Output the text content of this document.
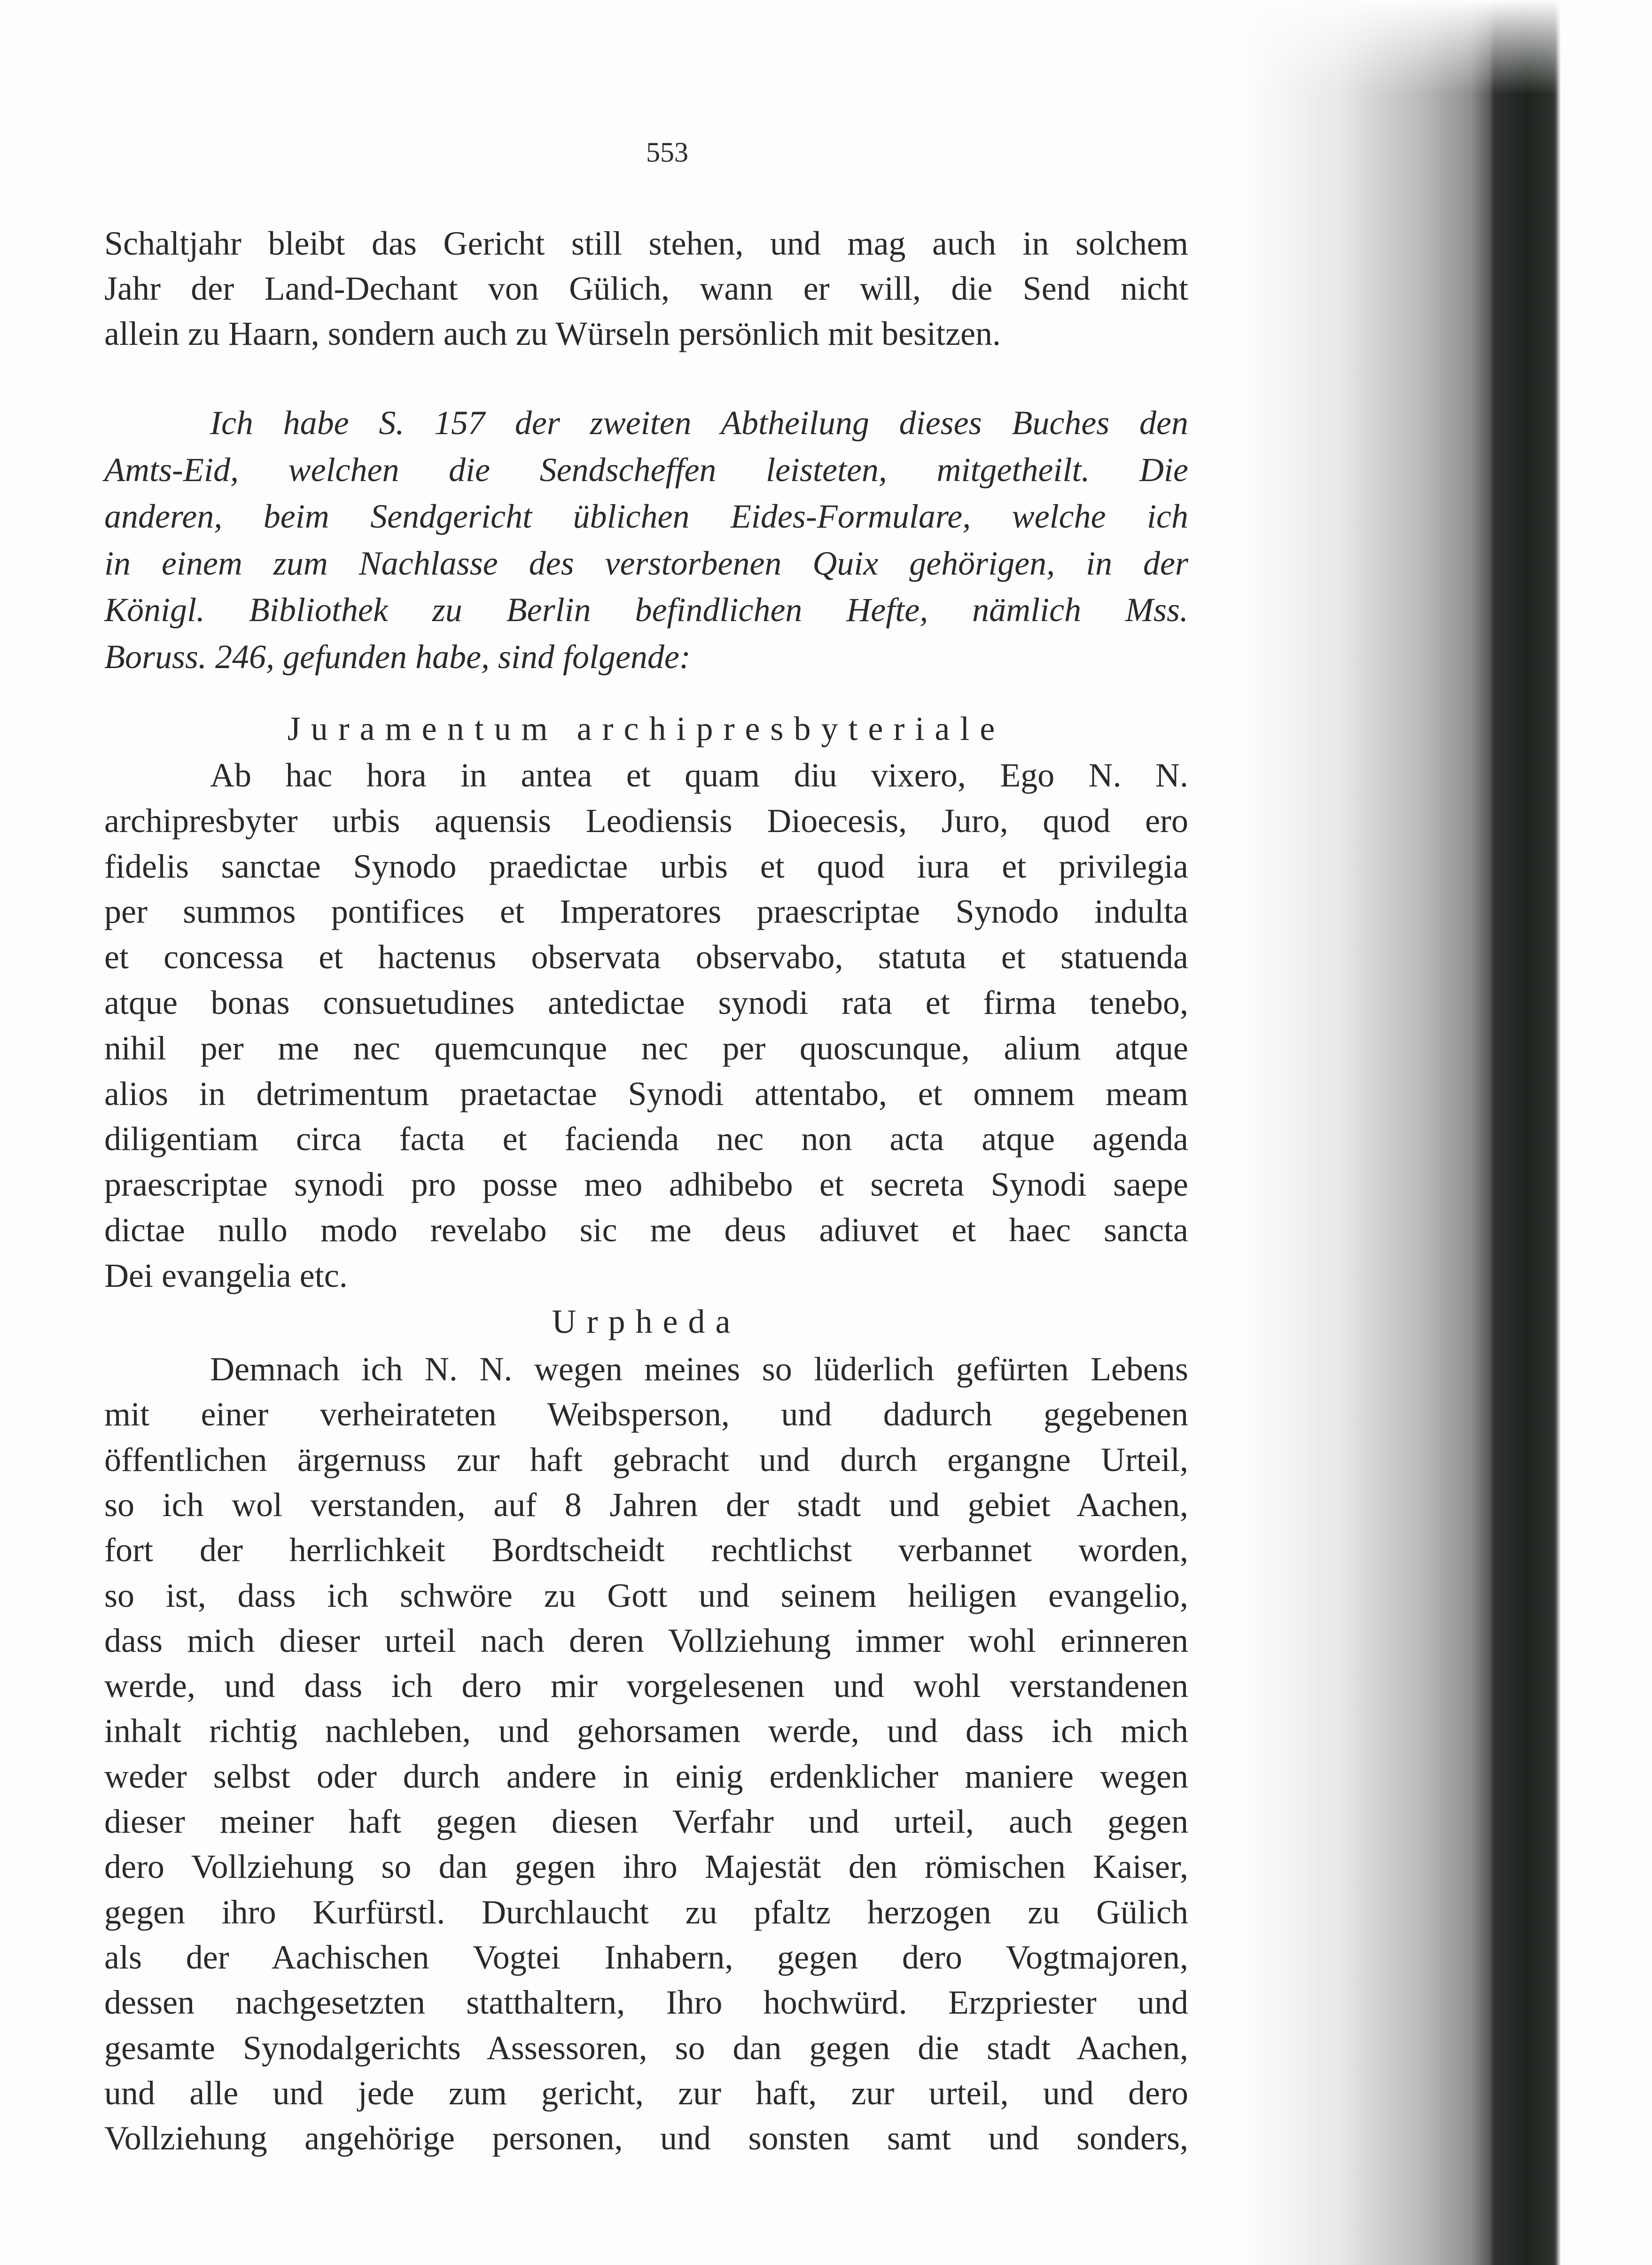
553
Schaltjahr bleibt das Gericht still stehen, und mag auch in solchem
Jahr der Land-Dechant von Gülich, wann er will, die Send nicht
allein zu Haarn, sondern auch zu Würseln persönlich mit besitzen.
Ich habe S. 157 der zweiten Abtheilung dieses Buches den
Amts-Eid, welchen die Sendscheffen leisteten, mitgetheilt. Die
anderen, beim Sendgericht üblichen Eides-Formulare, welche ich
in einem zum Nachlasse des verstorbenen Quix gehörigen, in der
Königl. Bibliothek zu Berlin befindlichen Hefte, nämlich Mss.
Boruss. 246, gefunden habe, sind folgende:
Juramentum archipresbyteriale
Ab hac hora in antea et quam diu vixero, Ego N. N.
archipresbyter urbis aquensis Leodiensis Dioecesis, Juro, quod ero
fidelis sanctae Synodo praedictae urbis et quod iura et privilegia
per summos pontifices et Imperatores praescriptae Synodo indulta
et concessa et hactenus observata observabo, statuta et statuenda
atque bonas consuetudines antedictae synodi rata et firma tenebo,
nihil per me nec quemcunque nec per quoscunque, alium atque
alios in detrimentum praetactae Synodi attentabo, et omnem meam
diligentiam circa facta et facienda nec non acta atque agenda
praescriptae synodi pro posse meo adhibebo et secreta Synodi saepe
dictae nullo modo revelabo sic me deus adiuvet et haec sancta
Dei evangelia etc.
Urpheda
Demnach ich N. N. wegen meines so lüderlich gefürten Lebens
mit einer verheirateten Weibsperson, und dadurch gegebenen
öffentlichen ärgernuss zur haft gebracht und durch ergangne Urteil,
so ich wol verstanden, auf 8 Jahren der stadt und gebiet Aachen,
fort der herrlichkeit Bordtscheidt rechtlichst verbannet worden,
so ist, dass ich schwöre zu Gott und seinem heiligen evangelio,
dass mich dieser urteil nach deren Vollziehung immer wohl erinneren
werde, und dass ich dero mir vorgelesenen und wohl verstandenen
inhalt richtig nachleben, und gehorsamen werde, und dass ich mich
weder selbst oder durch andere in einig erdenklicher maniere wegen
dieser meiner haft gegen diesen Verfahr und urteil, auch gegen
dero Vollziehung so dan gegen ihro Majestät den römischen Kaiser,
gegen ihro Kurfürstl. Durchlaucht zu pfaltz herzogen zu Gülich
als der Aachischen Vogtei Inhabern, gegen dero Vogtmajoren,
dessen nachgesetzten statthaltern, Ihro hochwürd. Erzpriester und
gesamte Synodalgerichts Assessoren, so dan gegen die stadt Aachen,
und alle und jede zum gericht, zur haft, zur urteil, und dero
Vollziehung angehörige personen, und sonsten samt und sonders,
